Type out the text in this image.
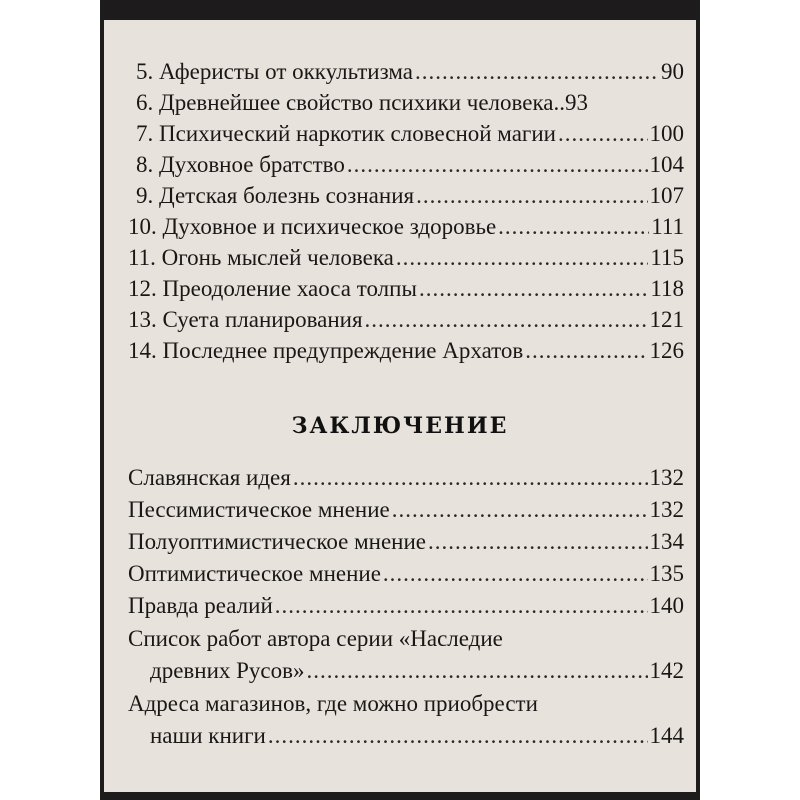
5. Аферисты от оккультизма .....	90
6. Древнейшее свойство психики человека.. 93
7. Психический наркотик словесной магии .....	100
8. Духовное братство .....	104
9. Детская болезнь сознания .....	107
10. Духовное и психическое здоровье .....	111
11. Огонь мыслей человека .....	115
12. Преодоление хаоса толпы .....	118
13. Суета планирования .....	121
14. Последнее предупреждение Архатов .....	126
ЗАКЛЮЧЕНИЕ
Славянская идея .....	132
Пессимистическое мнение .....	132
Полуоптимистическое мнение .....	134
Оптимистическое мнение .....	135
Правда реалий .....	140
Список работ автора серии «Наследие
древних Русов» .....	142
Адреса магазинов, где можно приобрести
наши книги .....	144
